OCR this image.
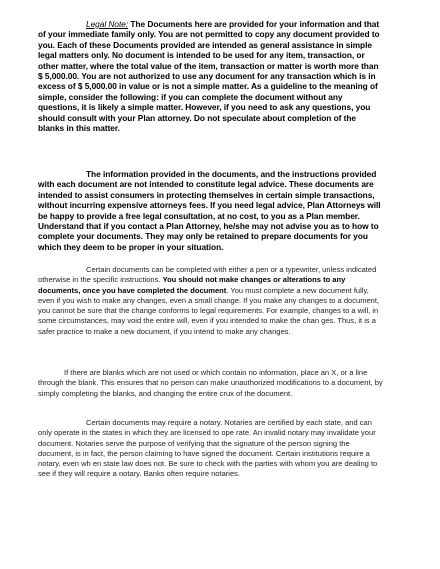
Legal Note: The Documents here are provided for your information and that of your immediate family only. You are not permitted to copy any document provided to you. Each of these Documents provided are intended as general assistance in simple legal matters only. No document is intended to be used for any item, transaction, or other matter, where the total value of the item, transaction or matter is worth more than $ 5,000.00. You are not authorized to use any document for any transaction which is in excess of $ 5,000.00 in value or is not a simple matter. As a guideline to the meaning of simple, consider the following: if you can complete the document without any questions, it is likely a simple matter. However, if you need to ask any questions, you should consult with your Plan attorney. Do not speculate about completion of the blanks in this matter.

The information provided in the documents, and the instructions provided with each document are not intended to constitute legal advice. These documents are intended to assist consumers in protecting themselves in certain simple transactions, without incurring expensive attorneys fees. If you need legal advice, Plan Attorneys will be happy to provide a free legal consultation, at no cost, to you as a Plan member. Understand that if you contact a Plan Attorney, he/she may not advise you as to how to complete your documents. They may only be retained to prepare documents for you which they deem to be proper in your situation.

Certain documents can be completed with either a pen or a typewriter, unless indicated otherwise in the specific instructions. You should not make changes or alterations to any documents, once you have completed the document. You must complete a new document fully, even if you wish to make any changes, even a small change. If you make any changes to a document, you cannot be sure that the change conforms to legal requirements. For example, changes to a will, in some circumstances, may void the entire will, even if you intended to make the chan ges. Thus, it is a safer practice to make a new document, if you intend to make any changes.

If there are blanks which are not used or which contain no information, place an X, or a line through the blank. This ensures that no person can make unauthorized modifications to a document, by simply completing the blanks, and changing the entire crux of the document.

Certain documents may require a notary. Notaries are certified by each state, and can only operate in the states in which they are licensed to ope rate. An invalid notary may invalidate your document. Notaries serve the purpose of verifying that the signature of the person signing the document, is in fact, the person claiming to have signed the document. Certain institutions require a notary, even wh en state law does not. Be sure to check with the parties with whom you are dealing to see if they will require a notary. Banks often require notaries.
